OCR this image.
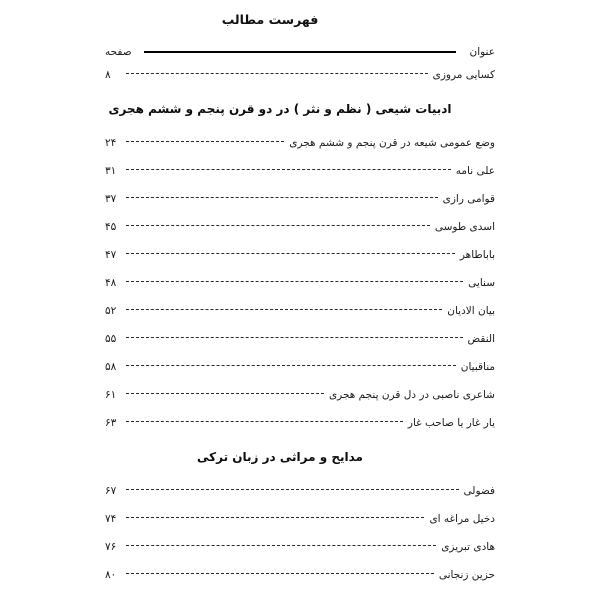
فهرست مطالب
عنوان
صفحه
کسایی مروزی
۸
ادبیات شیعی ( نظم و نثر ) در دو قرن پنجم و ششم هجری
وضع عمومی شیعه در قرن پنجم و ششم هجری
۲۴
علی نامه
۳۱
قوامی رازی
۳۷
اسدی طوسی
۴۵
باباطاهر
۴۷
سنایی
۴۸
بیان الادیان
۵۲
النقض
۵۵
مناقبیان
۵۸
شاعری ناصبی در دل قرن پنجم هجری
۶۱
یار غار یا صاحب غار
۶۳
مدایح و مراثی در زبان ترکی
فضولی
۶۷
دخیل مراغه ای
۷۴
هادی تبریزی
۷۶
حزین زنجانی
۸۰
